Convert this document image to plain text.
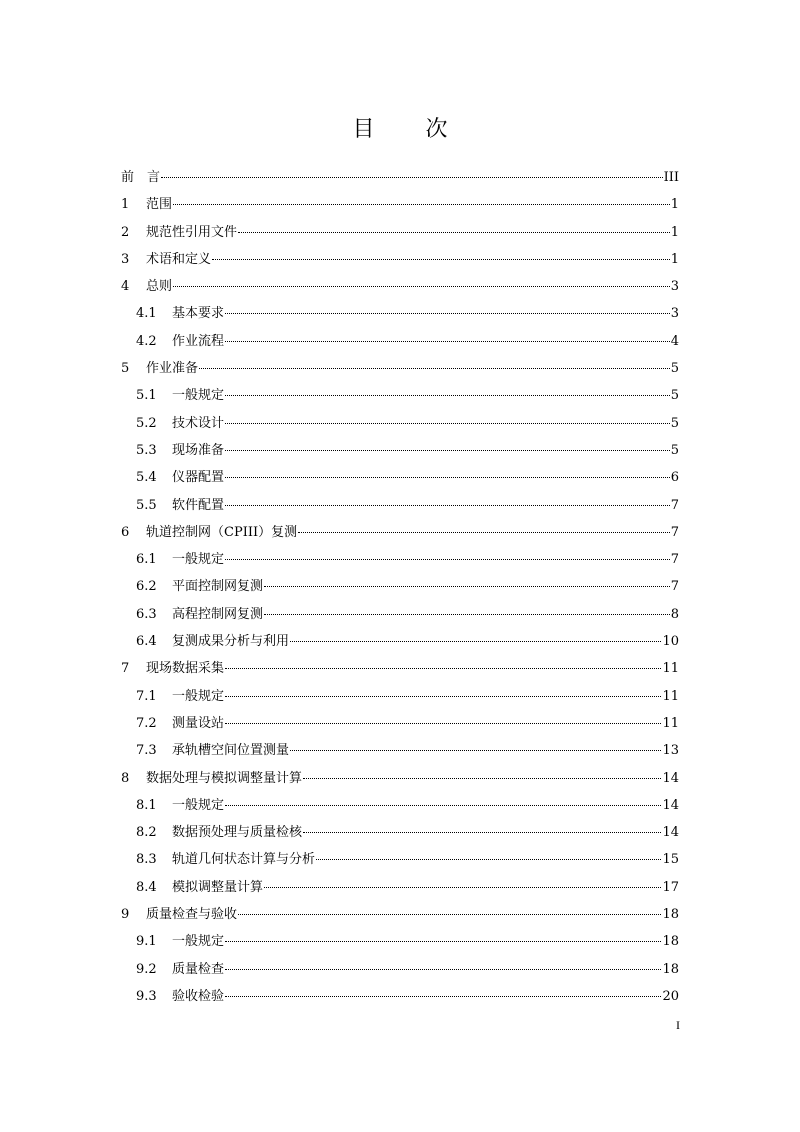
目 次
前　言	III
1	范围	1
2	规范性引用文件	1
3	术语和定义	1
4	总则	3
4.1	基本要求	3
4.2	作业流程	4
5	作业准备	5
5.1	一般规定	5
5.2	技术设计	5
5.3	现场准备	5
5.4	仪器配置	6
5.5	软件配置	7
6	轨道控制网（CPIII）复测	7
6.1	一般规定	7
6.2	平面控制网复测	7
6.3	高程控制网复测	8
6.4	复测成果分析与利用	10
7	现场数据采集	11
7.1	一般规定	11
7.2	测量设站	11
7.3	承轨槽空间位置测量	13
8	数据处理与模拟调整量计算	14
8.1	一般规定	14
8.2	数据预处理与质量检核	14
8.3	轨道几何状态计算与分析	15
8.4	模拟调整量计算	17
9	质量检查与验收	18
9.1	一般规定	18
9.2	质量检查	18
9.3	验收检验	20
I
